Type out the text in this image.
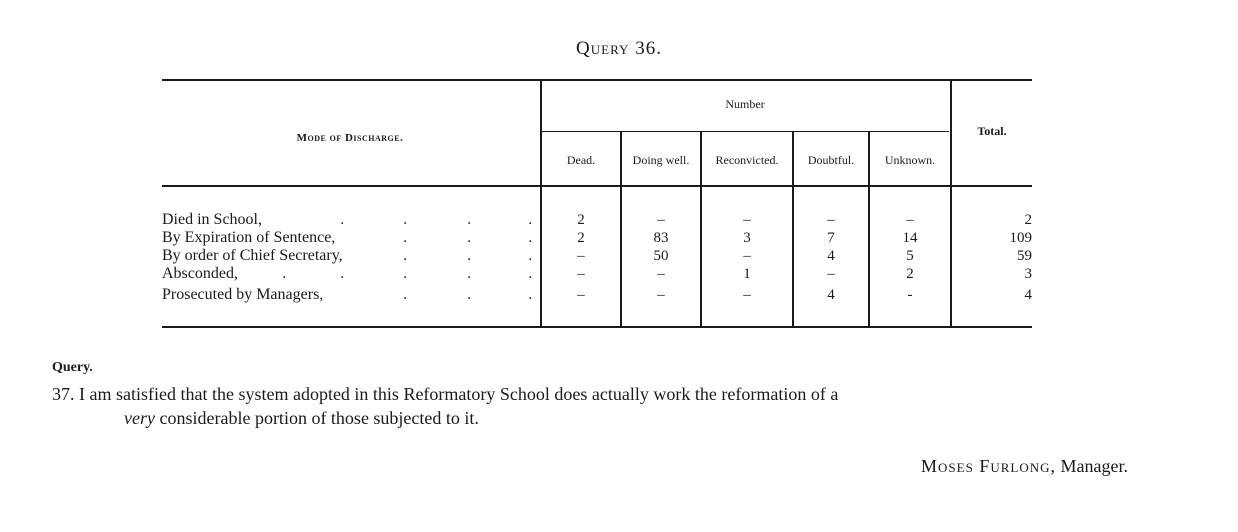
Query 36.
Mode of Discharge.
Number
Total.
Dead.	Doing well.	Reconvicted.	Doubtful.	Unknown.
Died in School,	.	.	.	.	2	–	–	–	–	2
By Expiration of Sentence,	.	.	.	2	83	3	7	14	109
By order of Chief Secretary,	.	.	.	–	50	–	4	5	59
Absconded,	.	.	.	.	.	–	–	1	–	2	3
Prosecuted by Managers,	.	.	.	–	–	–	4	-	4
Query.
37. I am satisfied that the system adopted in this Reformatory School does actually work the reformation of a
very considerable portion of those subjected to it.
Moses Furlong, Manager.
